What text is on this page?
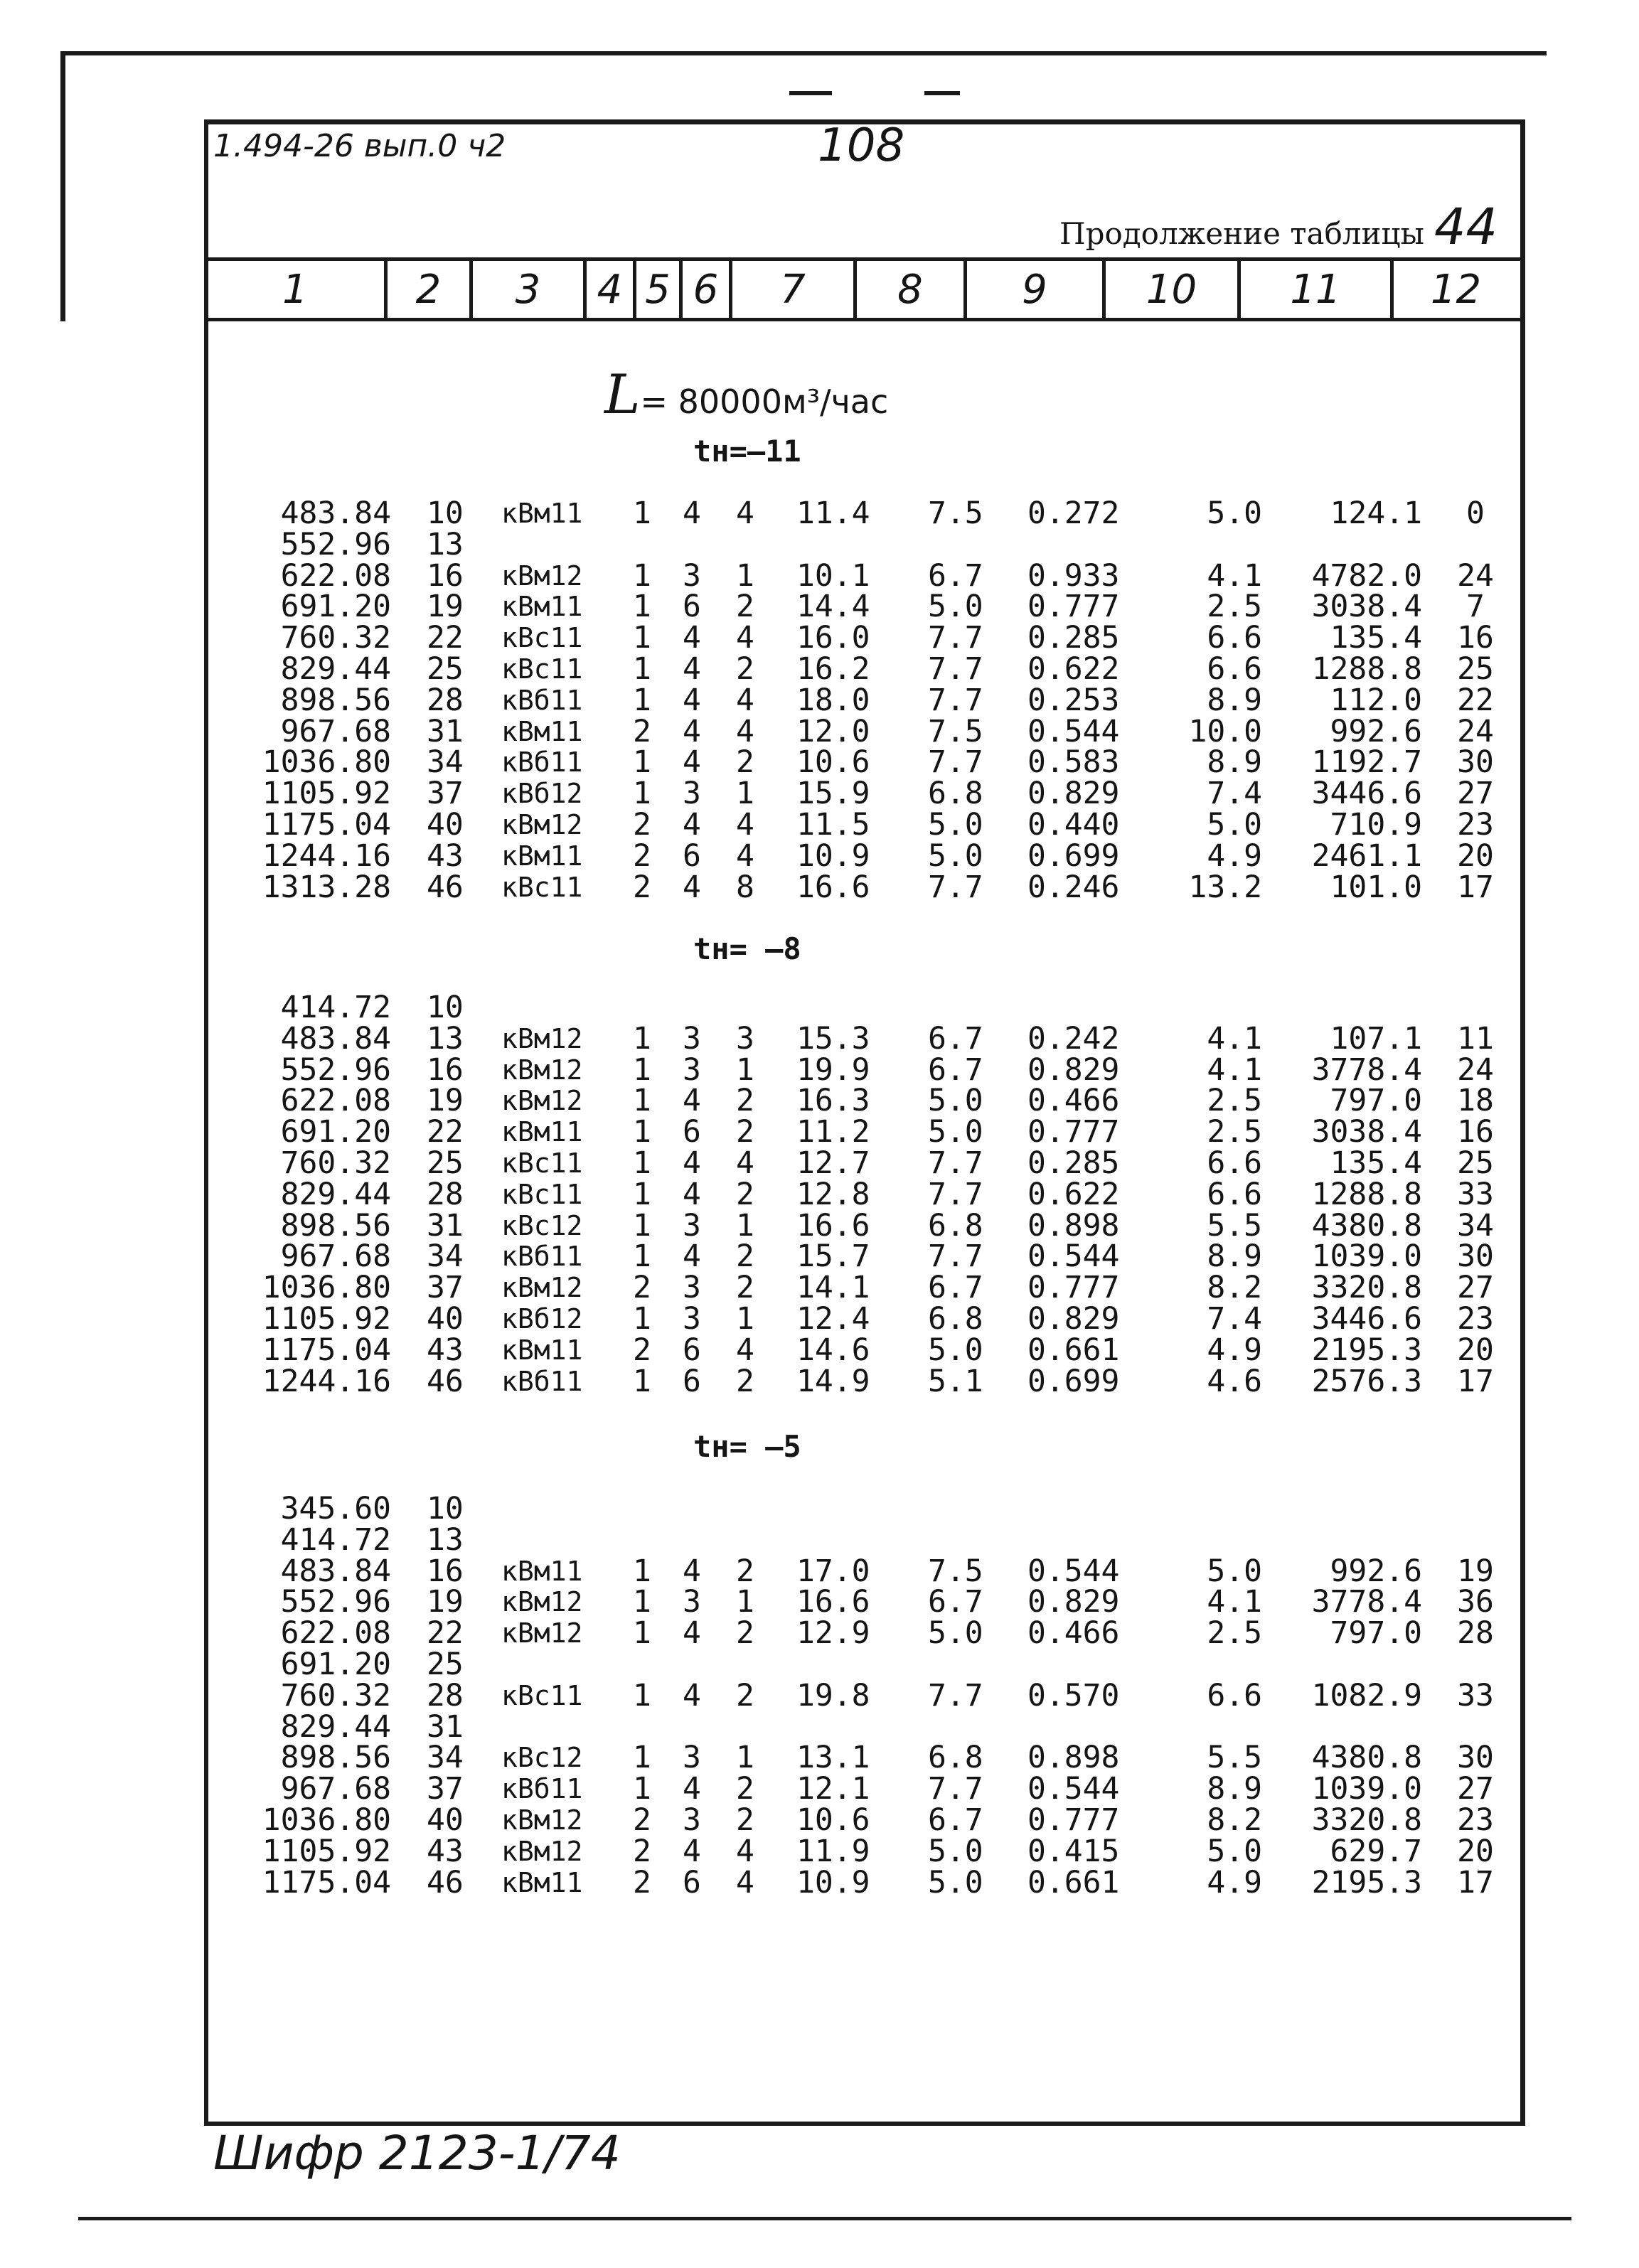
1.494-26 вып.0 ч2	108
Продолжение таблицы 44
1	2	3	4 5 6	7	8	9	10	11	12
L= 80000м³/час
tн=–11
483.84 10 кВм11	1 4 4 11.4	7.5	0.272	5.0	124.1	0
552.96 13
622.08 16 кВм12	1 3 1 10.1	6.7	0.933	4.1	4782.0	24
691.20 19 кВм11	1 6 2 14.4	5.0	0.777	2.5	3038.4	7
760.32 22 кВс11	1 4 4 16.0	7.7	0.285	6.6	135.4	16
829.44 25 кВс11	1 4 2 16.2	7.7	0.622	6.6	1288.8	25
898.56 28 кВб11	1 4 4 18.0	7.7	0.253	8.9	112.0	22
967.68 31 кВм11	2 4 4 12.0	7.5	0.544	10.0	992.6	24
1036.80 34 кВб11	1 4 2 10.6	7.7	0.583	8.9	1192.7	30
1105.92 37 кВб12	1 3 1 15.9	6.8	0.829	7.4	3446.6	27
1175.04 40 кВм12	2 4 4 11.5	5.0	0.440	5.0	710.9	23
1244.16 43 кВм11	2 6 4 10.9	5.0	0.699	4.9	2461.1	20
1313.28 46 кВс11	2 4 8 16.6	7.7	0.246	13.2	101.0	17
tн= –8
414.72 10
483.84 13 кВм12	1 3 3 15.3	6.7	0.242	4.1	107.1	11
552.96 16 кВм12	1 3 1 19.9	6.7	0.829	4.1	3778.4	24
622.08 19 кВм12	1 4 2 16.3	5.0	0.466	2.5	797.0	18
691.20 22 кВм11	1 6 2 11.2	5.0	0.777	2.5	3038.4	16
760.32 25 кВс11	1 4 4 12.7	7.7	0.285	6.6	135.4	25
829.44 28 кВс11	1 4 2 12.8	7.7	0.622	6.6	1288.8	33
898.56 31 кВс12	1 3 1 16.6	6.8	0.898	5.5	4380.8	34
967.68 34 кВб11	1 4 2 15.7	7.7	0.544	8.9	1039.0	30
1036.80 37 кВм12	2 3 2 14.1	6.7	0.777	8.2	3320.8	27
1105.92 40 кВб12	1 3 1 12.4	6.8	0.829	7.4	3446.6	23
1175.04 43 кВм11	2 6 4 14.6	5.0	0.661	4.9	2195.3	20
1244.16 46 кВб11	1 6 2 14.9	5.1	0.699	4.6	2576.3	17
tн= –5
345.60 10
414.72 13
483.84 16 кВм11	1 4 2 17.0	7.5	0.544	5.0	992.6	19
552.96 19 кВм12	1 3 1 16.6	6.7	0.829	4.1	3778.4	36
622.08 22 кВм12	1 4 2 12.9	5.0	0.466	2.5	797.0	28
691.20 25
760.32 28 кВс11	1 4 2 19.8	7.7	0.570	6.6	1082.9	33
829.44 31
898.56 34 кВс12	1 3 1 13.1	6.8	0.898	5.5	4380.8	30
967.68 37 кВб11	1 4 2 12.1	7.7	0.544	8.9	1039.0	27
1036.80 40 кВм12	2 3 2 10.6	6.7	0.777	8.2	3320.8	23
1105.92 43 кВм12	2 4 4 11.9	5.0	0.415	5.0	629.7	20
1175.04 46 кВм11	2 6 4 10.9	5.0	0.661	4.9	2195.3	17
Шифр 2123-1/74
